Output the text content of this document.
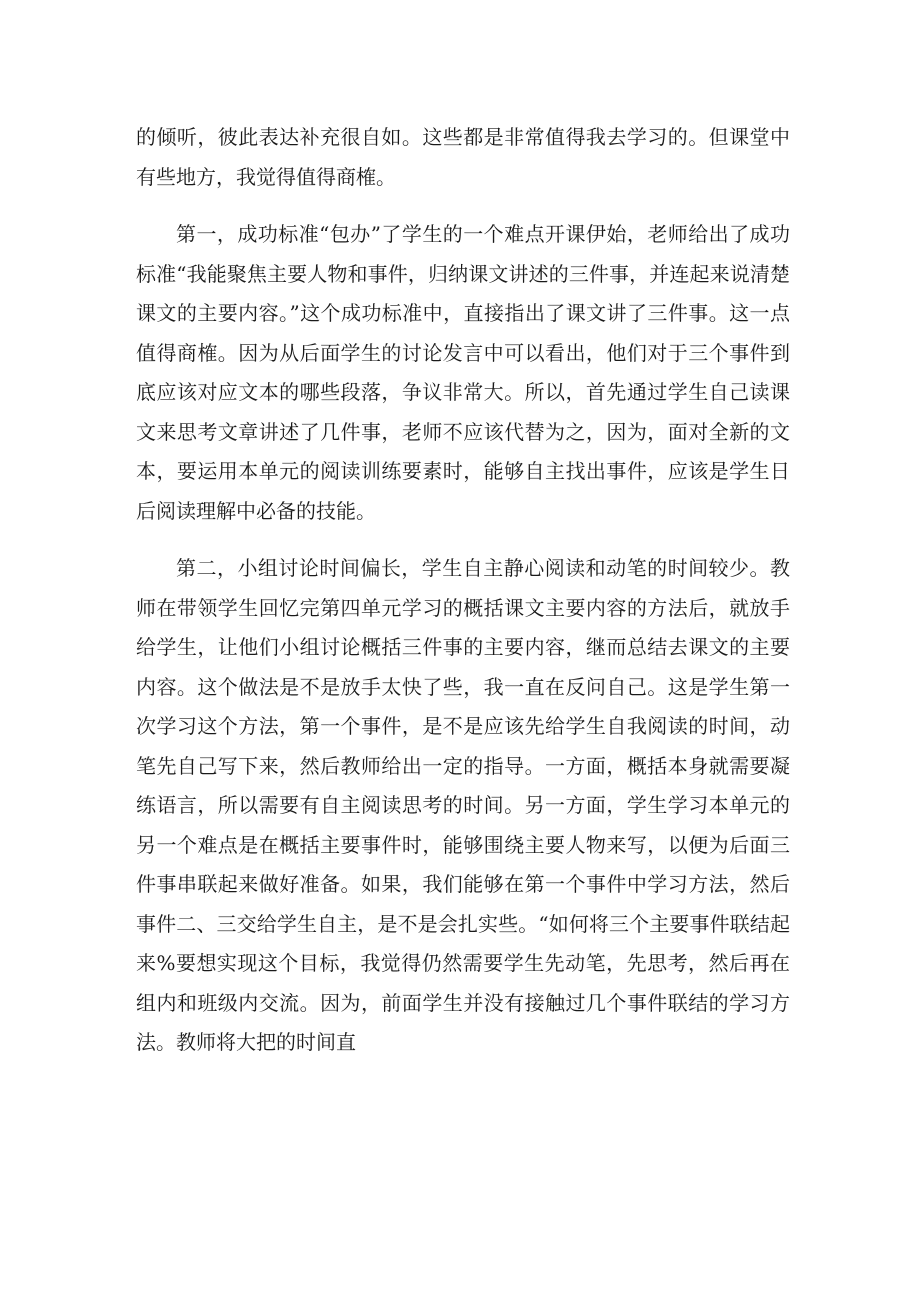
的倾听，彼此表达补充很自如。这些都是非常值得我去学习的。但课堂中有些地方，我觉得值得商榷。

第一，成功标准“包办”了学生的一个难点开课伊始，老师给出了成功标准“我能聚焦主要人物和事件，归纳课文讲述的三件事，并连起来说清楚课文的主要内容。”这个成功标准中，直接指出了课文讲了三件事。这一点值得商榷。因为从后面学生的讨论发言中可以看出，他们对于三个事件到底应该对应文本的哪些段落，争议非常大。所以，首先通过学生自己读课文来思考文章讲述了几件事，老师不应该代替为之，因为，面对全新的文本，要运用本单元的阅读训练要素时，能够自主找出事件，应该是学生日后阅读理解中必备的技能。

第二，小组讨论时间偏长，学生自主静心阅读和动笔的时间较少。教师在带领学生回忆完第四单元学习的概括课文主要内容的方法后，就放手给学生，让他们小组讨论概括三件事的主要内容，继而总结去课文的主要内容。这个做法是不是放手太快了些，我一直在反问自己。这是学生第一次学习这个方法，第一个事件，是不是应该先给学生自我阅读的时间，动笔先自己写下来，然后教师给出一定的指导。一方面，概括本身就需要凝练语言，所以需要有自主阅读思考的时间。另一方面，学生学习本单元的另一个难点是在概括主要事件时，能够围绕主要人物来写，以便为后面三件事串联起来做好准备。如果，我们能够在第一个事件中学习方法，然后事件二、三交给学生自主，是不是会扎实些。“如何将三个主要事件联结起来%要想实现这个目标，我觉得仍然需要学生先动笔，先思考，然后再在组内和班级内交流。因为，前面学生并没有接触过几个事件联结的学习方法。教师将大把的时间直
